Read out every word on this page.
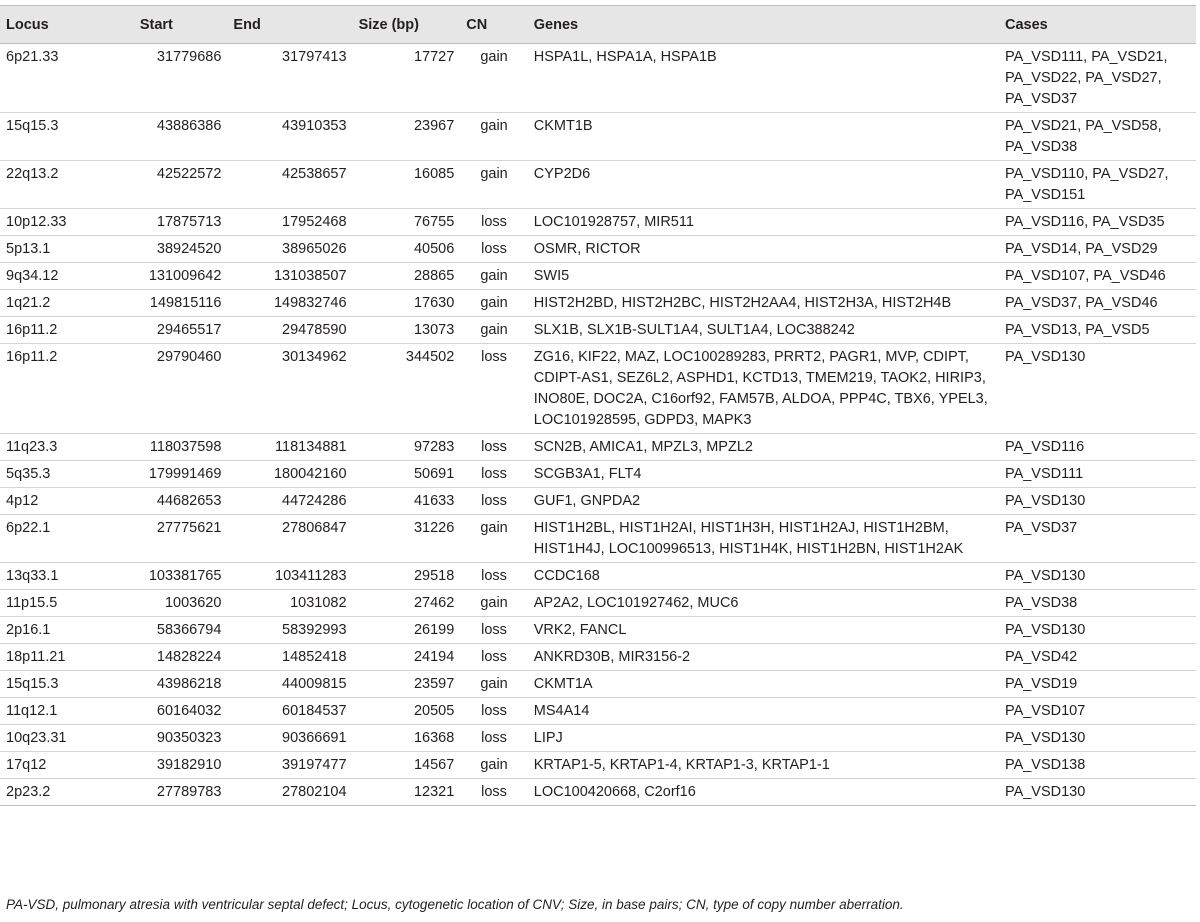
Locus	Start	End	Size (bp)	CN	Genes	Cases
6p21.33	31779686	31797413	17727	gain	HSPA1L, HSPA1A, HSPA1B	PA_VSD111, PA_VSD21, PA_VSD22, PA_VSD27, PA_VSD37
15q15.3	43886386	43910353	23967	gain	CKMT1B	PA_VSD21, PA_VSD58, PA_VSD38
22q13.2	42522572	42538657	16085	gain	CYP2D6	PA_VSD110, PA_VSD27, PA_VSD151
10p12.33	17875713	17952468	76755	loss	LOC101928757, MIR511	PA_VSD116, PA_VSD35
5p13.1	38924520	38965026	40506	loss	OSMR, RICTOR	PA_VSD14, PA_VSD29
9q34.12	131009642	131038507	28865	gain	SWI5	PA_VSD107, PA_VSD46
1q21.2	149815116	149832746	17630	gain	HIST2H2BD, HIST2H2BC, HIST2H2AA4, HIST2H3A, HIST2H4B	PA_VSD37, PA_VSD46
16p11.2	29465517	29478590	13073	gain	SLX1B, SLX1B-SULT1A4, SULT1A4, LOC388242	PA_VSD13, PA_VSD5
16p11.2	29790460	30134962	344502	loss	ZG16, KIF22, MAZ, LOC100289283, PRRT2, PAGR1, MVP, CDIPT, CDIPT-AS1, SEZ6L2, ASPHD1, KCTD13, TMEM219, TAOK2, HIRIP3, INO80E, DOC2A, C16orf92, FAM57B, ALDOA, PPP4C, TBX6, YPEL3, LOC101928595, GDPD3, MAPK3	PA_VSD130
11q23.3	118037598	118134881	97283	loss	SCN2B, AMICA1, MPZL3, MPZL2	PA_VSD116
5q35.3	179991469	180042160	50691	loss	SCGB3A1, FLT4	PA_VSD111
4p12	44682653	44724286	41633	loss	GUF1, GNPDA2	PA_VSD130
6p22.1	27775621	27806847	31226	gain	HIST1H2BL, HIST1H2AI, HIST1H3H, HIST1H2AJ, HIST1H2BM, HIST1H4J, LOC100996513, HIST1H4K, HIST1H2BN, HIST1H2AK	PA_VSD37
13q33.1	103381765	103411283	29518	loss	CCDC168	PA_VSD130
11p15.5	1003620	1031082	27462	gain	AP2A2, LOC101927462, MUC6	PA_VSD38
2p16.1	58366794	58392993	26199	loss	VRK2, FANCL	PA_VSD130
18p11.21	14828224	14852418	24194	loss	ANKRD30B, MIR3156-2	PA_VSD42
15q15.3	43986218	44009815	23597	gain	CKMT1A	PA_VSD19
11q12.1	60164032	60184537	20505	loss	MS4A14	PA_VSD107
10q23.31	90350323	90366691	16368	loss	LIPJ	PA_VSD130
17q12	39182910	39197477	14567	gain	KRTAP1-5, KRTAP1-4, KRTAP1-3, KRTAP1-1	PA_VSD138
2p23.2	27789783	27802104	12321	loss	LOC100420668, C2orf16	PA_VSD130
PA-VSD, pulmonary atresia with ventricular septal defect; Locus, cytogenetic location of CNV; Size, in base pairs; CN, type of copy number aberration.
